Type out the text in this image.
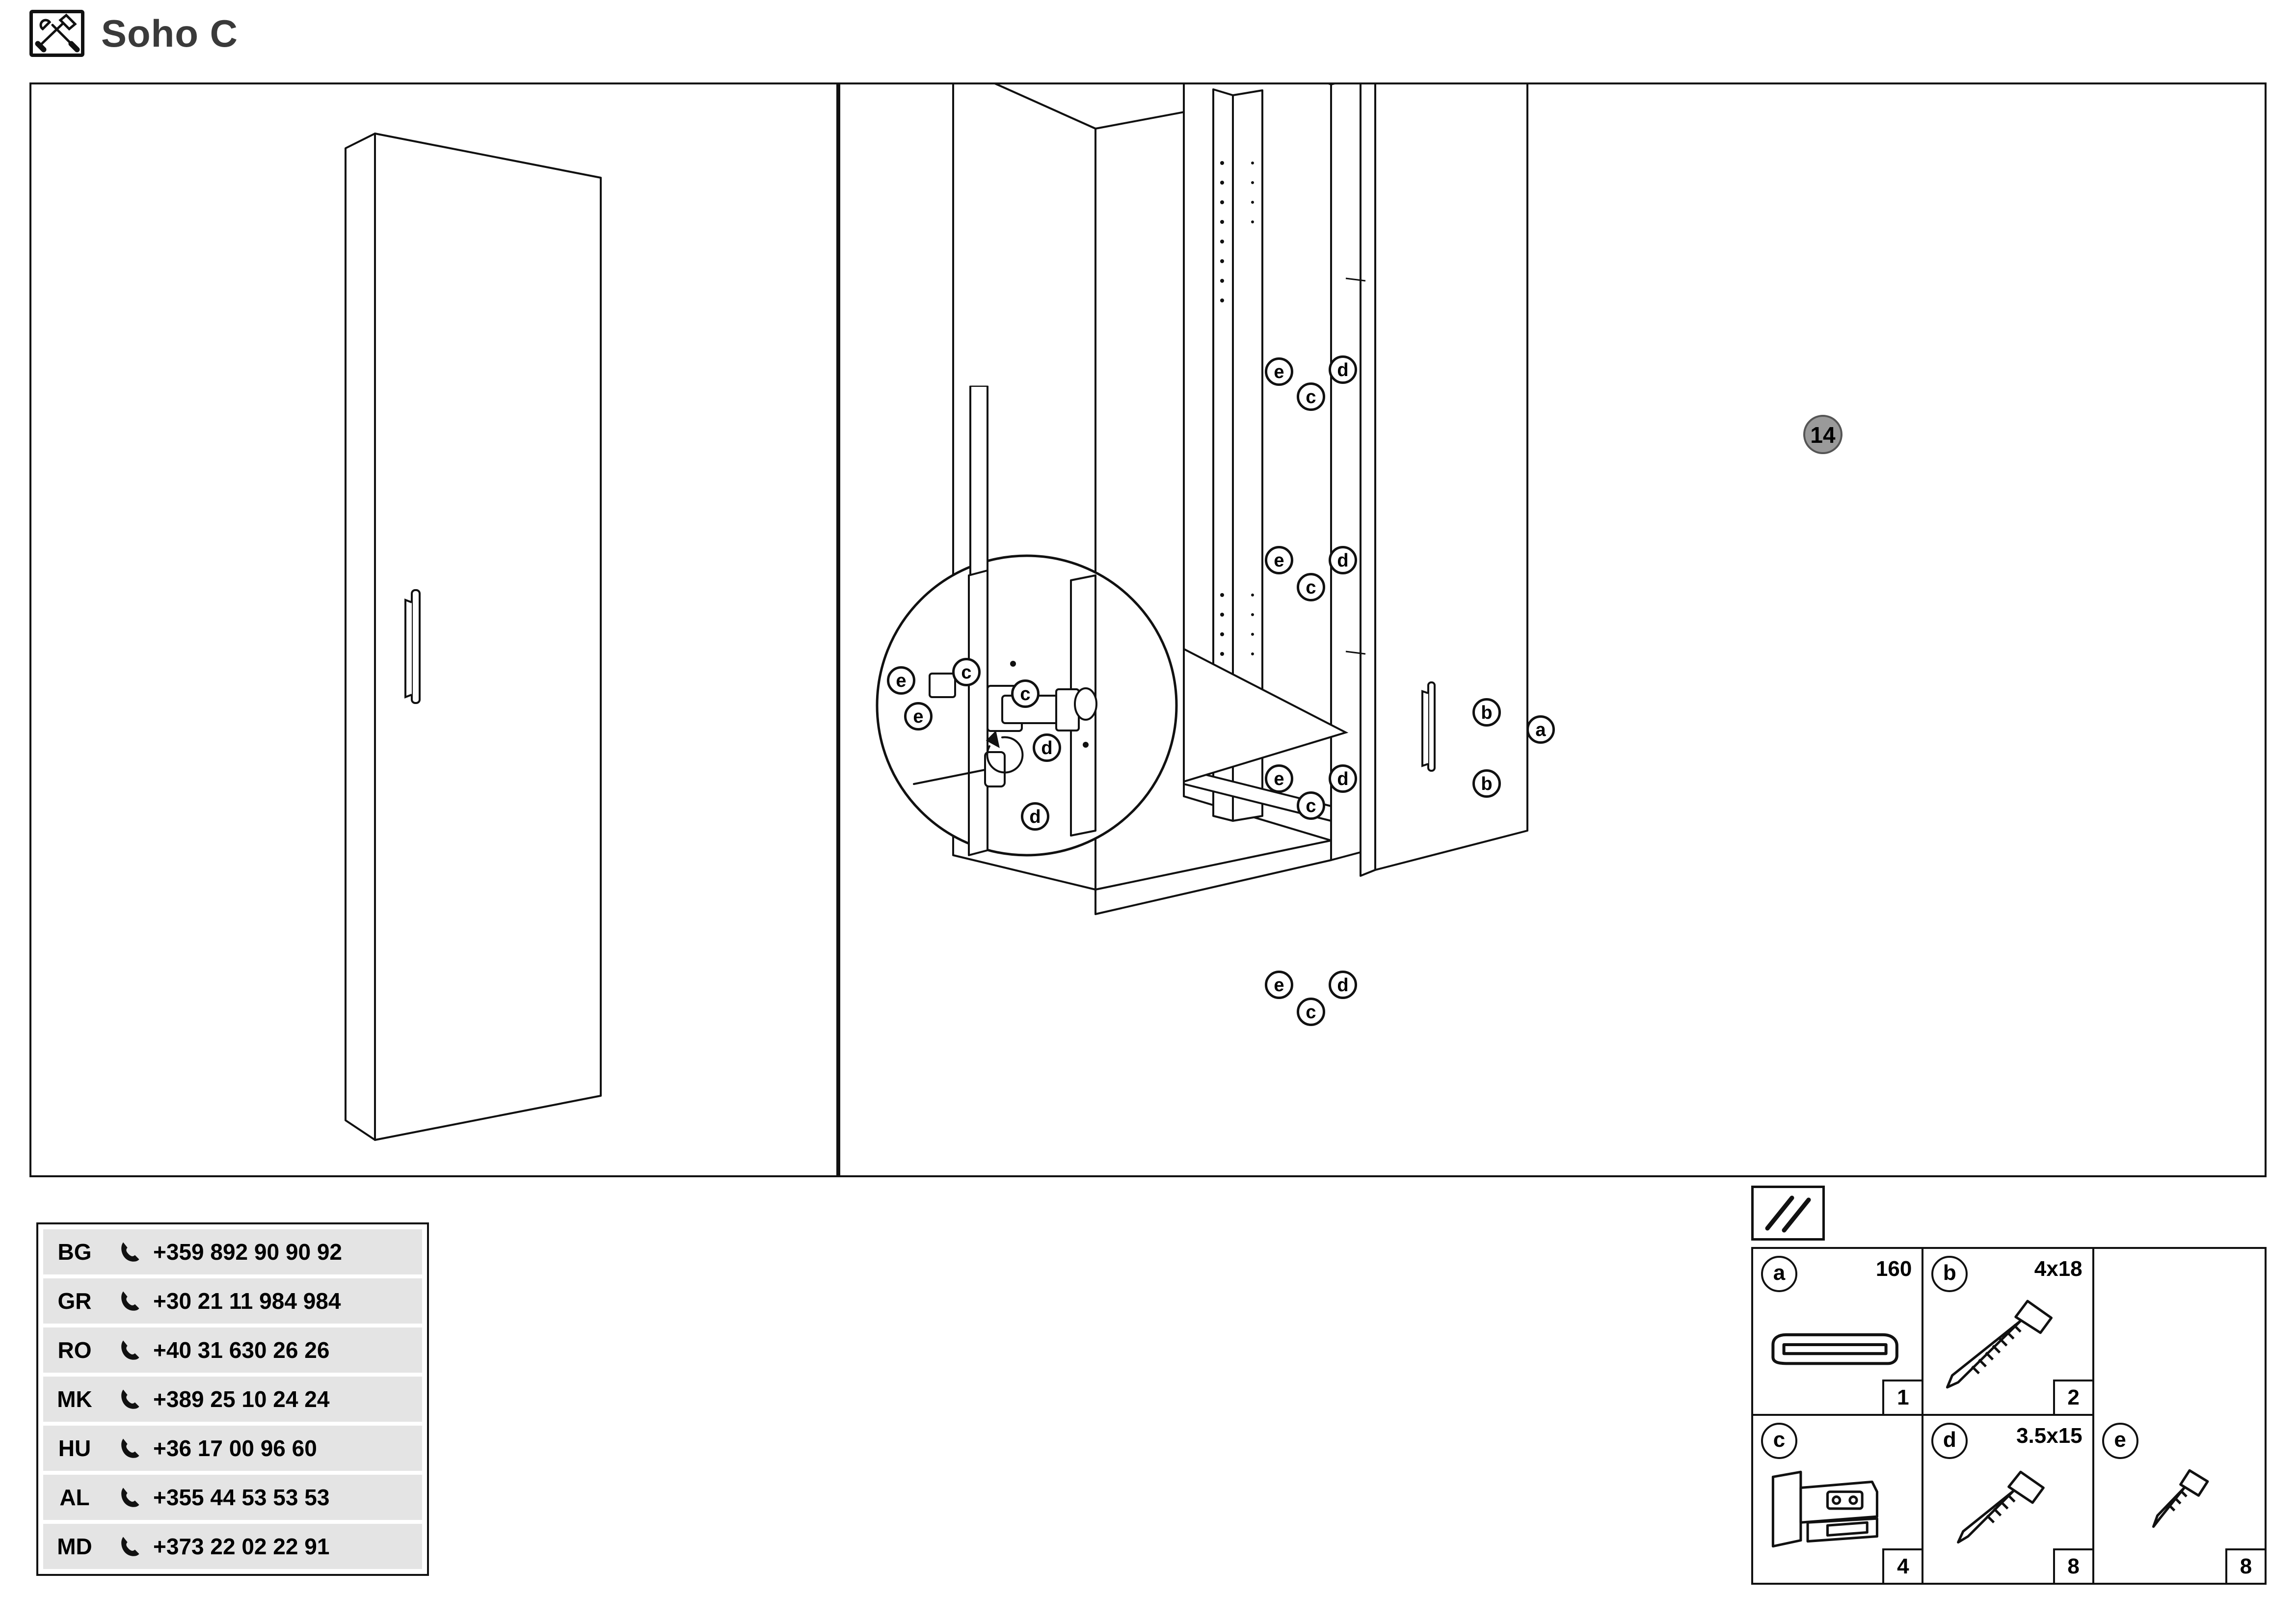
Soho C

14
e	d
c
e	d
c
e	d
c
e	d
c
b
b
a
e	c
e
c
d
d
BG	+359 892 90 90 92
GR	+30 21 11 984 984
RO	+40 31 630 26 26
MK	+389 25 10 24 24
HU	+36 17 00 96 60
AL	+355 44 53 53 53
MD	+373 22 02 22 91
a	160
1
b	4x18
2
c
4
d	3.5x15
8
e
8
